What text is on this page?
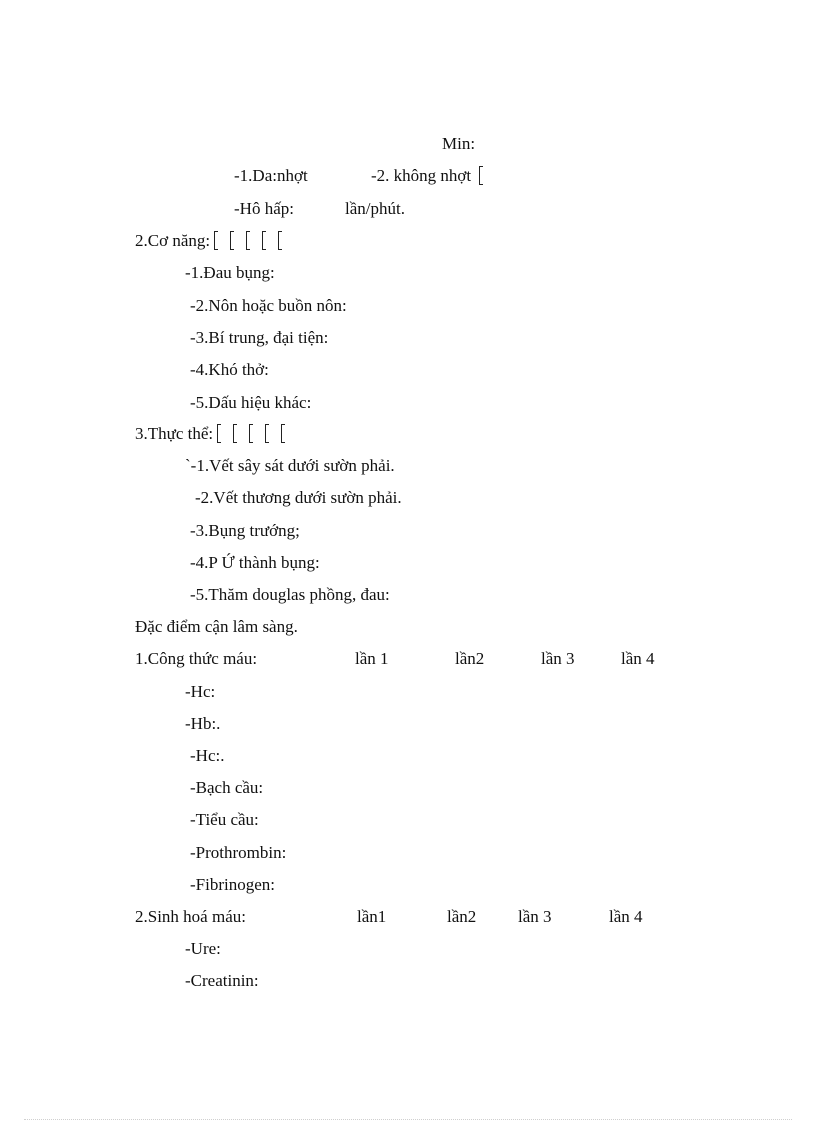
Min:
-1.Da:nhợt	-2. không nhợt
-Hô hấp:	lần/phút.
2.Cơ năng:
-1.Đau bụng:
-2.Nôn hoặc buồn nôn:
-3.Bí trung, đại tiện:
-4.Khó thở:
-5.Dấu hiệu khác:
3.Thực thể:
`-1.Vết sây sát dưới sườn phải.
-2.Vết thương dưới sườn phải.
-3.Bụng trướng;
-4.P Ứ thành bụng:
-5.Thăm douglas phồng, đau:
Đặc điểm cận lâm sàng.
1.Công thức máu:	lần 1	lần2	lần 3	lần 4
-Hc:
-Hb:.
-Hc:.
-Bạch cầu:
-Tiểu cầu:
-Prothrombin:
-Fibrinogen:
2.Sinh hoá máu:	lần1	lần2 lần 3	lần 4
-Ure:
-Creatinin:
